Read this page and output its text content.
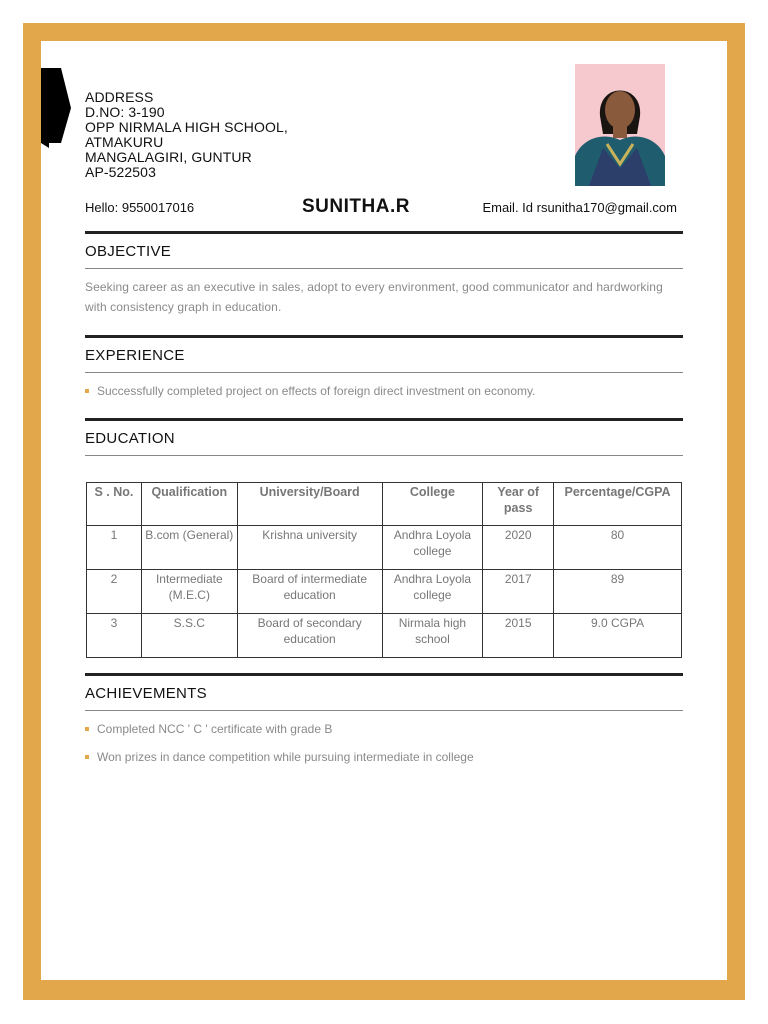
ADDRESS
D.NO: 3-190
OPP NIRMALA HIGH SCHOOL,
ATMAKURU
MANGALAGIRI, GUNTUR
AP-522503
Hello: 9550017016	SUNITHA.R	Email. Id rsunitha170@gmail.com
OBJECTIVE
Seeking career as an executive in sales, adopt to every environment, good communicator and hardworking with consistency graph in education.
EXPERIENCE
Successfully completed project on effects of foreign direct investment on economy.
EDUCATION
S . No.	Qualification	University/Board	College	Year of pass	Percentage/CGPA
1	B.com (General)	Krishna university	Andhra Loyola college	2020	80
2	Intermediate (M.E.C)	Board of intermediate education	Andhra Loyola college	2017	89
3	S.S.C	Board of secondary education	Nirmala high school	2015	9.0 CGPA
ACHIEVEMENTS
Completed NCC ' C ' certificate with grade B
Won prizes in dance competition while pursuing intermediate in college
